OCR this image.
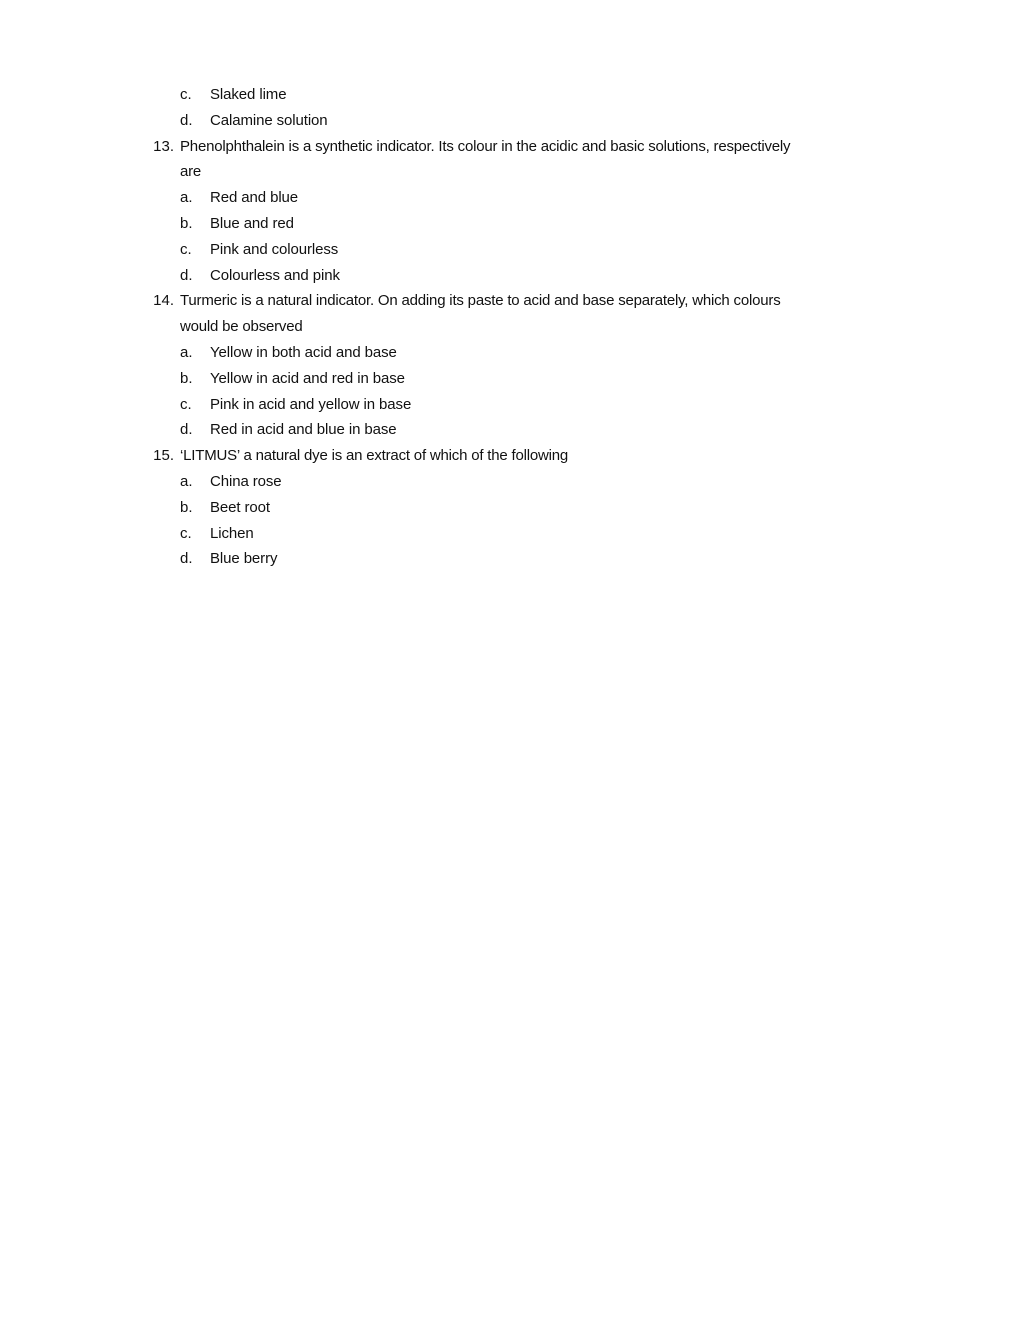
c. Slaked lime
d. Calamine solution
13. Phenolphthalein is a synthetic indicator. Its colour in the acidic and basic solutions, respectively
are
a. Red and blue
b. Blue and red
c. Pink and colourless
d. Colourless and pink
14. Turmeric is a natural indicator. On adding its paste to acid and base separately, which colours
would be observed
a. Yellow in both acid and base
b. Yellow in acid and red in base
c. Pink in acid and yellow in base
d. Red in acid and blue in base
15. ‘LITMUS’ a natural dye is an extract of which of the following
a. China rose
b. Beet root
c. Lichen
d. Blue berry
